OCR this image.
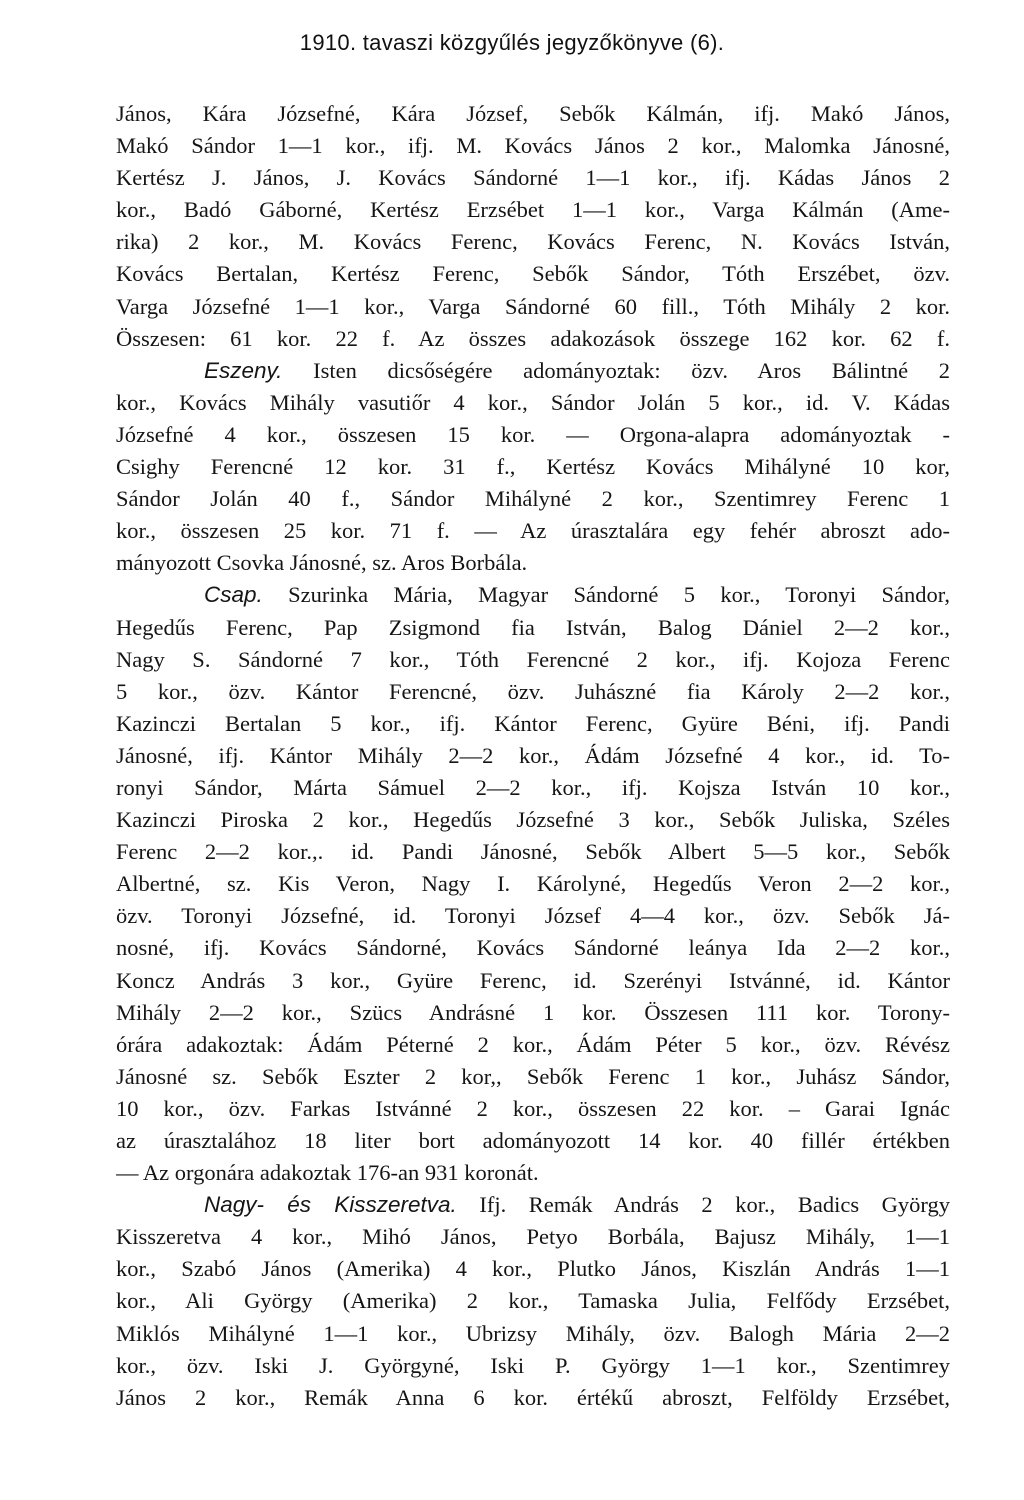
1910. tavaszi közgyűlés jegyzőkönyve (6).
János, Kára Józsefné, Kára József, Sebők Kálmán, ifj. Makó János,
Makó Sándor 1—1 kor., ifj. M. Kovács János 2 kor., Malomka Jánosné,
Kertész J. János, J. Kovács Sándorné 1—1 kor., ifj. Kádas János 2
kor., Badó Gáborné, Kertész Erzsébet 1—1 kor., Varga Kálmán (Ame-
rika) 2 kor., M. Kovács Ferenc, Kovács Ferenc, N. Kovács István,
Kovács Bertalan, Kertész Ferenc, Sebők Sándor, Tóth Erszébet, özv.
Varga Józsefné 1—1 kor., Varga Sándorné 60 fill., Tóth Mihály 2 kor.
Összesen: 61 kor. 22 f. Az összes adakozások összege 162 kor. 62 f.
Eszeny. Isten dicsőségére adományoztak: özv. Aros Bálintné 2
kor., Kovács Mihály vasutiőr 4 kor., Sándor Jolán 5 kor., id. V. Kádas
Józsefné 4 kor., összesen 15 kor. — Orgona-alapra adományoztak -
Csighy Ferencné 12 kor. 31 f., Kertész Kovács Mihályné 10 kor,
Sándor Jolán 40 f., Sándor Mihályné 2 kor., Szentimrey Ferenc 1
kor., összesen 25 kor. 71 f. — Az úrasztalára egy fehér abroszt ado-
mányozott Csovka Jánosné, sz. Aros Borbála.
Csap. Szurinka Mária, Magyar Sándorné 5 kor., Toronyi Sándor,
Hegedűs Ferenc, Pap Zsigmond fia István, Balog Dániel 2—2 kor.,
Nagy S. Sándorné 7 kor., Tóth Ferencné 2 kor., ifj. Kojoza Ferenc
5 kor., özv. Kántor Ferencné, özv. Juhászné fia Károly 2—2 kor.,
Kazinczi Bertalan 5 kor., ifj. Kántor Ferenc, Gyüre Béni, ifj. Pandi
Jánosné, ifj. Kántor Mihály 2—2 kor., Ádám Józsefné 4 kor., id. To-
ronyi Sándor, Márta Sámuel 2—2 kor., ifj. Kojsza István 10 kor.,
Kazinczi Piroska 2 kor., Hegedűs Józsefné 3 kor., Sebők Juliska, Széles
Ferenc 2—2 kor.,. id. Pandi Jánosné, Sebők Albert 5—5 kor., Sebők
Albertné, sz. Kis Veron, Nagy I. Károlyné, Hegedűs Veron 2—2 kor.,
özv. Toronyi Józsefné, id. Toronyi József 4—4 kor., özv. Sebők Já-
nosné, ifj. Kovács Sándorné, Kovács Sándorné leánya Ida 2—2 kor.,
Koncz András 3 kor., Gyüre Ferenc, id. Szerényi Istvánné, id. Kántor
Mihály 2—2 kor., Szücs Andrásné 1 kor. Összesen 111 kor. Torony-
órára adakoztak: Ádám Péterné 2 kor., Ádám Péter 5 kor., özv. Révész
Jánosné sz. Sebők Eszter 2 kor,, Sebők Ferenc 1 kor., Juhász Sándor,
10 kor., özv. Farkas Istvánné 2 kor., összesen 22 kor. – Garai Ignác
az úrasztalához 18 liter bort adományozott 14 kor. 40 fillér értékben
— Az orgonára adakoztak 176-an 931 koronát.
Nagy- és Kisszeretva. Ifj. Remák András 2 kor., Badics György
Kisszeretva 4 kor., Mihó János, Petyo Borbála, Bajusz Mihály, 1—1
kor., Szabó János (Amerika) 4 kor., Plutko János, Kiszlán András 1—1
kor., Ali György (Amerika) 2 kor., Tamaska Julia, Felfődy Erzsébet,
Miklós Mihályné 1—1 kor., Ubrizsy Mihály, özv. Balogh Mária 2—2
kor., özv. Iski J. Györgyné, Iski P. György 1—1 kor., Szentimrey
János 2 kor., Remák Anna 6 kor. értékű abroszt, Felföldy Erzsébet,
